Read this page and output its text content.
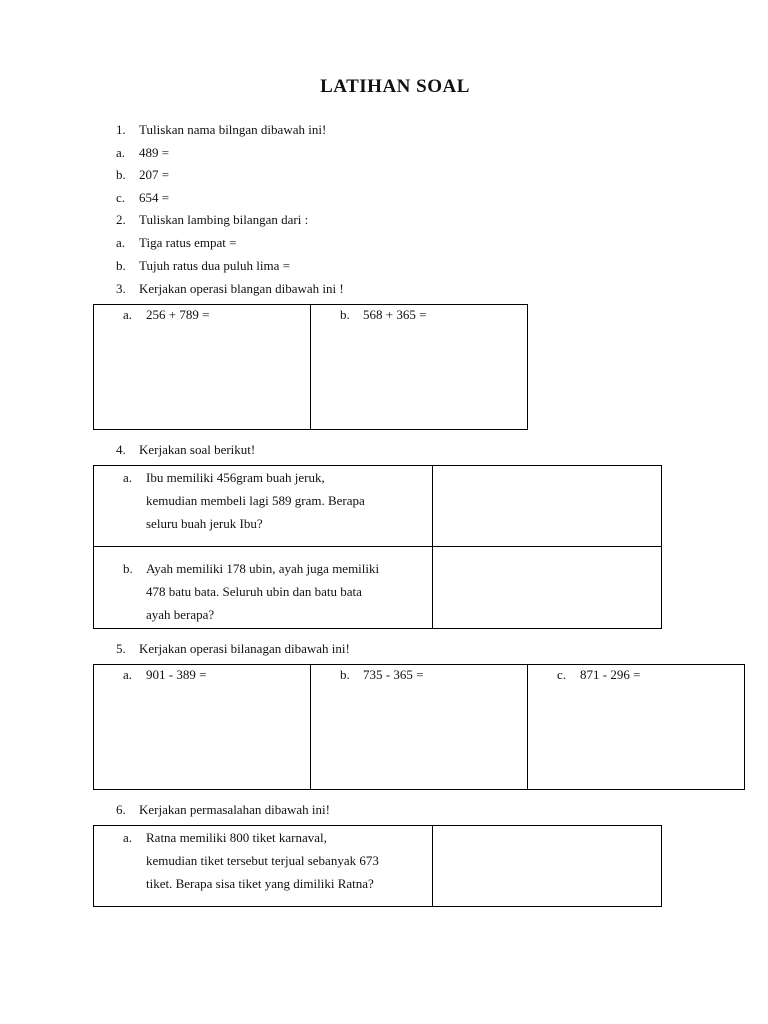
LATIHAN SOAL
1. Tuliskan nama bilngan dibawah ini!
a. 489 =
b. 207 =
c. 654 =
2. Tuliskan lambing bilangan dari :
a. Tiga ratus empat =
b. Tujuh ratus dua puluh lima =
3. Kerjakan operasi blangan dibawah ini !
a. 256 + 789 =	b. 568 + 365 =
4. Kerjakan soal berikut!
a. Ibu memiliki 456gram buah jeruk,
kemudian membeli lagi 589 gram. Berapa
seluru buah jeruk Ibu?	

b. Ayah memiliki 178 ubin, ayah juga memiliki
478 batu bata. Seluruh ubin dan batu bata
ayah berapa?	

5. Kerjakan operasi bilanagan dibawah ini!
a. 901 - 389 =	b. 735 - 365 =	c. 871 - 296 =
6. Kerjakan permasalahan dibawah ini!
a. Ratna memiliki 800 tiket karnaval,
kemudian tiket tersebut terjual sebanyak 673
tiket. Berapa sisa tiket yang dimiliki Ratna?
